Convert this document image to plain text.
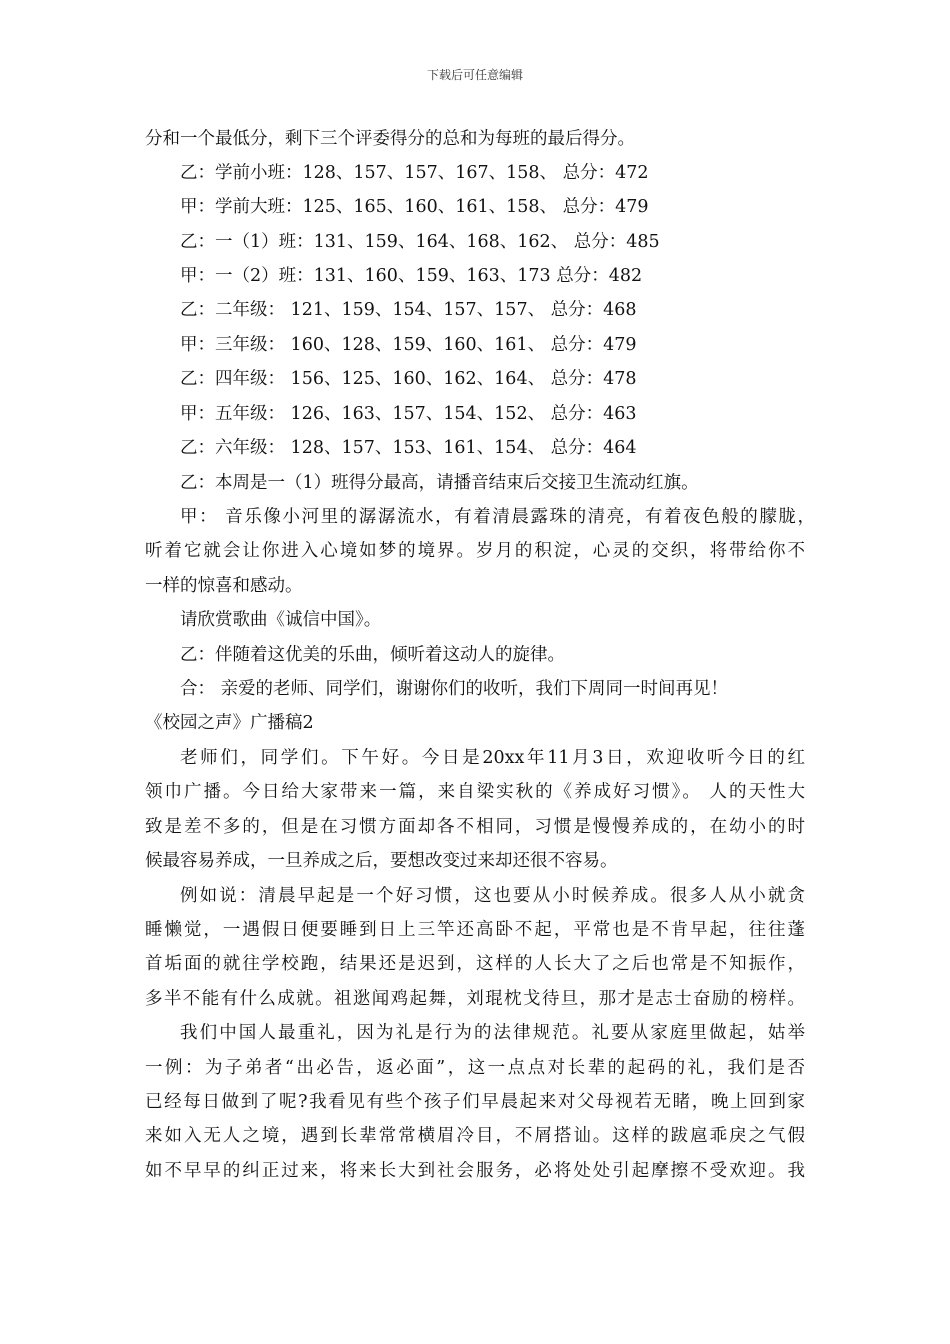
下载后可任意编辑

分和一个最低分，剩下三个评委得分的总和为每班的最后得分。

乙：学前小班：128、157、157、167、158、 总分：472

甲：学前大班：125、165、160、161、158、 总分：479

乙：一（1）班：131、159、164、168、162、 总分：485

甲：一（2）班：131、160、159、163、173 总分：482

乙：二年级： 121、159、154、157、157、 总分：468

甲：三年级： 160、128、159、160、161、 总分：479

乙：四年级： 156、125、160、162、164、 总分：478

甲：五年级： 126、163、157、154、152、 总分：463

乙：六年级： 128、157、153、161、154、 总分：464

乙：本周是一（1）班得分最高，请播音结束后交接卫生流动红旗。

甲： 音乐像小河里的潺潺流水，有着清晨露珠的清亮，有着夜色般的朦胧，

听着它就会让你进入心境如梦的境界。岁月的积淀，心灵的交织，将带给你不

一样的惊喜和感动。

请欣赏歌曲《诚信中国》。

乙：伴随着这优美的乐曲，倾听着这动人的旋律。

合： 亲爱的老师、同学们，谢谢你们的收听，我们下周同一时间再见！

《校园之声》广播稿2

老师们，同学们。下午好。今日是20xx年11月3日，欢迎收听今日的红

领巾广播。今日给大家带来一篇，来自梁实秋的《养成好习惯》。 人的天性大

致是差不多的，但是在习惯方面却各不相同，习惯是慢慢养成的，在幼小的时

候最容易养成，一旦养成之后，要想改变过来却还很不容易。

例如说：清晨早起是一个好习惯，这也要从小时候养成。很多人从小就贪

睡懒觉，一遇假日便要睡到日上三竿还高卧不起，平常也是不肯早起，往往蓬

首垢面的就往学校跑，结果还是迟到，这样的人长大了之后也常是不知振作，

多半不能有什么成就。祖逖闻鸡起舞，刘琨枕戈待旦，那才是志士奋励的榜样。

我们中国人最重礼，因为礼是行为的法律规范。礼要从家庭里做起，姑举

一例：为子弟者“出必告，返必面”，这一点点对长辈的起码的礼，我们是否

已经每日做到了呢?我看见有些个孩子们早晨起来对父母视若无睹，晚上回到家

来如入无人之境，遇到长辈常常横眉冷目，不屑搭讪。这样的跋扈乖戾之气假

如不早早的纠正过来，将来长大到社会服务，必将处处引起摩擦不受欢迎。我
